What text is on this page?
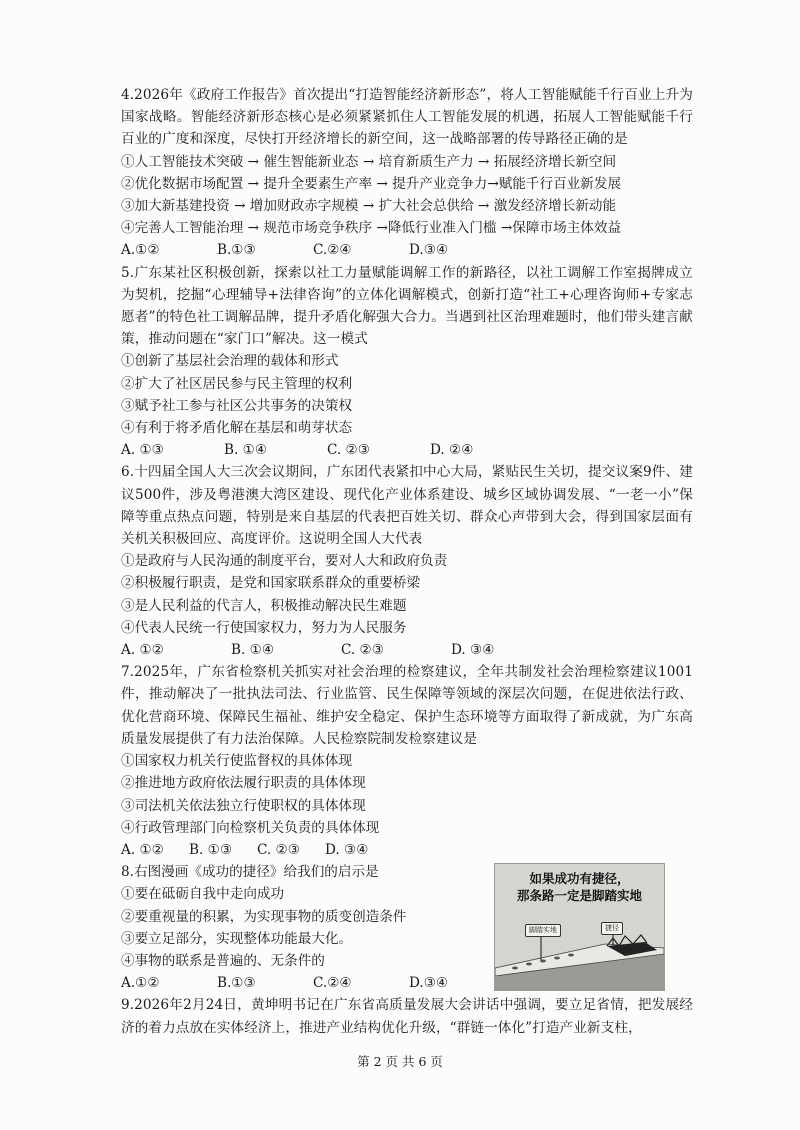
4.2026年《政府工作报告》首次提出“打造智能经济新形态”，将人工智能赋能千行百业上升为国家战略。智能经济新形态核心是必须紧紧抓住人工智能发展的机遇，拓展人工智能赋能千行百业的广度和深度，尽快打开经济增长的新空间，这一战略部署的传导路径正确的是

①人工智能技术突破 → 催生智能新业态 → 培育新质生产力 → 拓展经济增长新空间

②优化数据市场配置 → 提升全要素生产率 → 提升产业竞争力→赋能千行百业新发展

③加大新基建投资 → 增加财政赤字规模 → 扩大社会总供给 → 激发经济增长新动能

④完善人工智能治理 → 规范市场竞争秩序 →降低行业准入门槛 →保障市场主体效益

A.①②	B.①③	C.②④	D.③④

5.广东某社区积极创新，探索以社工力量赋能调解工作的新路径，以社工调解工作室揭牌成立为契机，挖掘“心理辅导+法律咨询”的立体化调解模式，创新打造“社工+心理咨询师+专家志愿者”的特色社工调解品牌，提升矛盾化解强大合力。当遇到社区治理难题时，他们带头建言献策，推动问题在“家门口”解决。这一模式

①创新了基层社会治理的载体和形式

②扩大了社区居民参与民主管理的权利

③赋予社工参与社区公共事务的决策权

④有利于将矛盾化解在基层和萌芽状态

A. ①③	B. ①④	C. ②③	D. ②④

6.十四届全国人大三次会议期间，广东团代表紧扣中心大局，紧贴民生关切，提交议案9件、建议500件，涉及粤港澳大湾区建设、现代化产业体系建设、城乡区域协调发展、“一老一小”保障等重点热点问题，特别是来自基层的代表把百姓关切、群众心声带到大会，得到国家层面有关机关积极回应、高度评价。这说明全国人大代表

①是政府与人民沟通的制度平台，要对人大和政府负责

②积极履行职责，是党和国家联系群众的重要桥梁

③是人民利益的代言人，积极推动解决民生难题

④代表人民统一行使国家权力，努力为人民服务

A. ①②	B. ①④	C. ②③	D. ③④

7.2025年，广东省检察机关抓实对社会治理的检察建议，全年共制发社会治理检察建议1001件，推动解决了一批执法司法、行业监管、民生保障等领域的深层次问题，在促进依法行政、优化营商环境、保障民生福祉、维护安全稳定、保护生态环境等方面取得了新成就，为广东高质量发展提供了有力法治保障。人民检察院制发检察建议是

①国家权力机关行使监督权的具体体现

②推进地方政府依法履行职责的具体体现

③司法机关依法独立行使职权的具体体现

④行政管理部门向检察机关负责的具体体现

A. ①②	B. ①③	C. ②③	D. ③④

8.右图漫画《成功的捷径》给我们的启示是

①要在砥砺自我中走向成功

②要重视量的积累，为实现事物的质变创造条件

③要立足部分，实现整体功能最大化。

④事物的联系是普遍的、无条件的

A.①②	B.①③	C.②④	D.③④
如果成功有捷径，
那条路一定是脚踏实地
脚踏实地	捷径

9.2026年2月24日，黄坤明书记在广东省高质量发展大会讲话中强调，要立足省情，把发展经济的着力点放在实体经济上，推进产业结构优化升级，“群链一体化”打造产业新支柱，

第 2 页 共 6 页
